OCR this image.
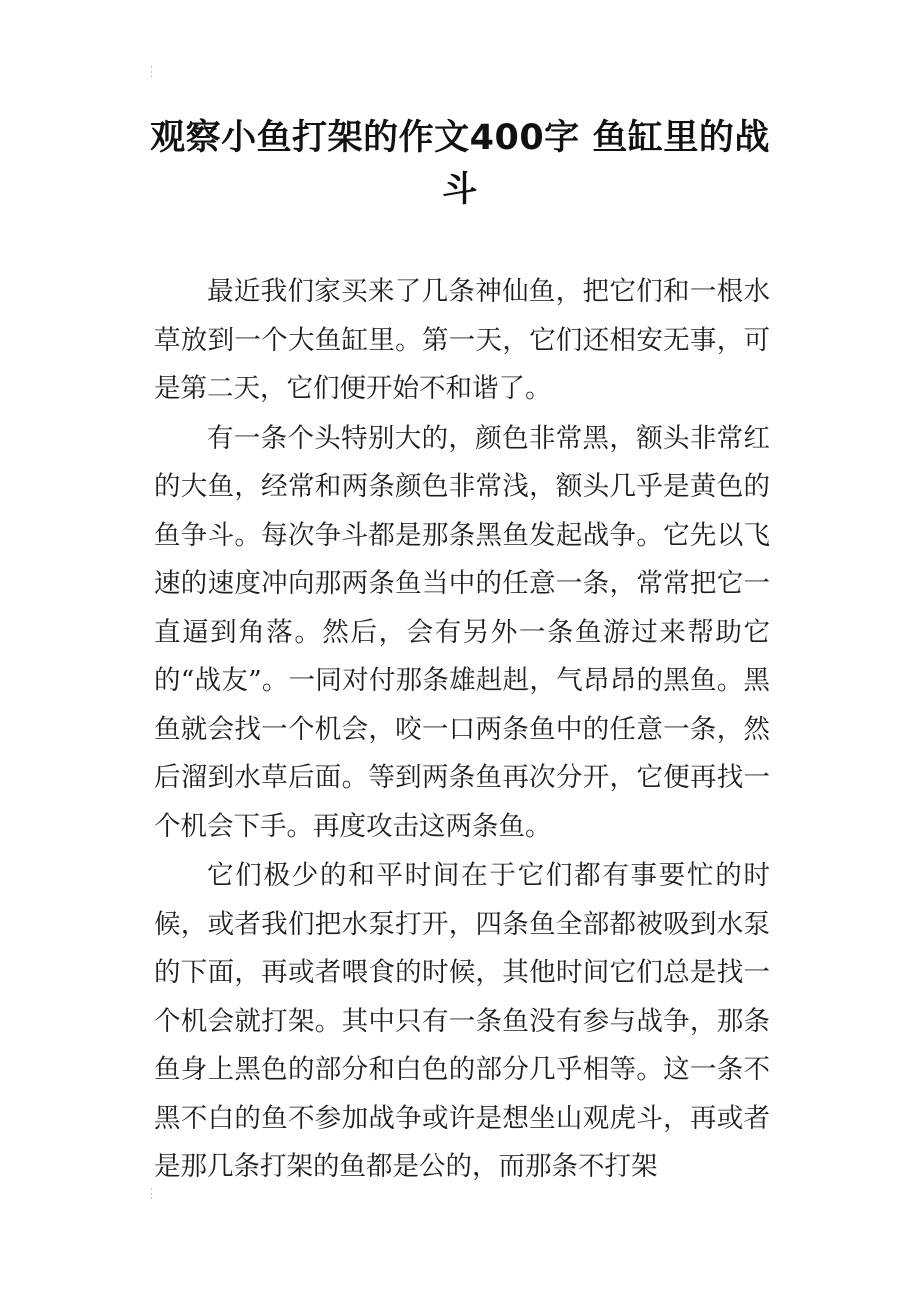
观察小鱼打架的作文400字 鱼缸里的战斗

最近我们家买来了几条神仙鱼，把它们和一根水草放到一个大鱼缸里。第一天，它们还相安无事，可是第二天，它们便开始不和谐了。

有一条个头特别大的，颜色非常黑，额头非常红的大鱼，经常和两条颜色非常浅，额头几乎是黄色的鱼争斗。每次争斗都是那条黑鱼发起战争。它先以飞速的速度冲向那两条鱼当中的任意一条，常常把它一直逼到角落。然后，会有另外一条鱼游过来帮助它的“战友”。一同对付那条雄赳赳，气昂昂的黑鱼。黑鱼就会找一个机会，咬一口两条鱼中的任意一条，然后溜到水草后面。等到两条鱼再次分开，它便再找一个机会下手。再度攻击这两条鱼。

它们极少的和平时间在于它们都有事要忙的时候，或者我们把水泵打开，四条鱼全部都被吸到水泵的下面，再或者喂食的时候，其他时间它们总是找一个机会就打架。其中只有一条鱼没有参与战争，那条鱼身上黑色的部分和白色的部分几乎相等。这一条不黑不白的鱼不参加战争或许是想坐山观虎斗，再或者是那几条打架的鱼都是公的，而那条不打架
